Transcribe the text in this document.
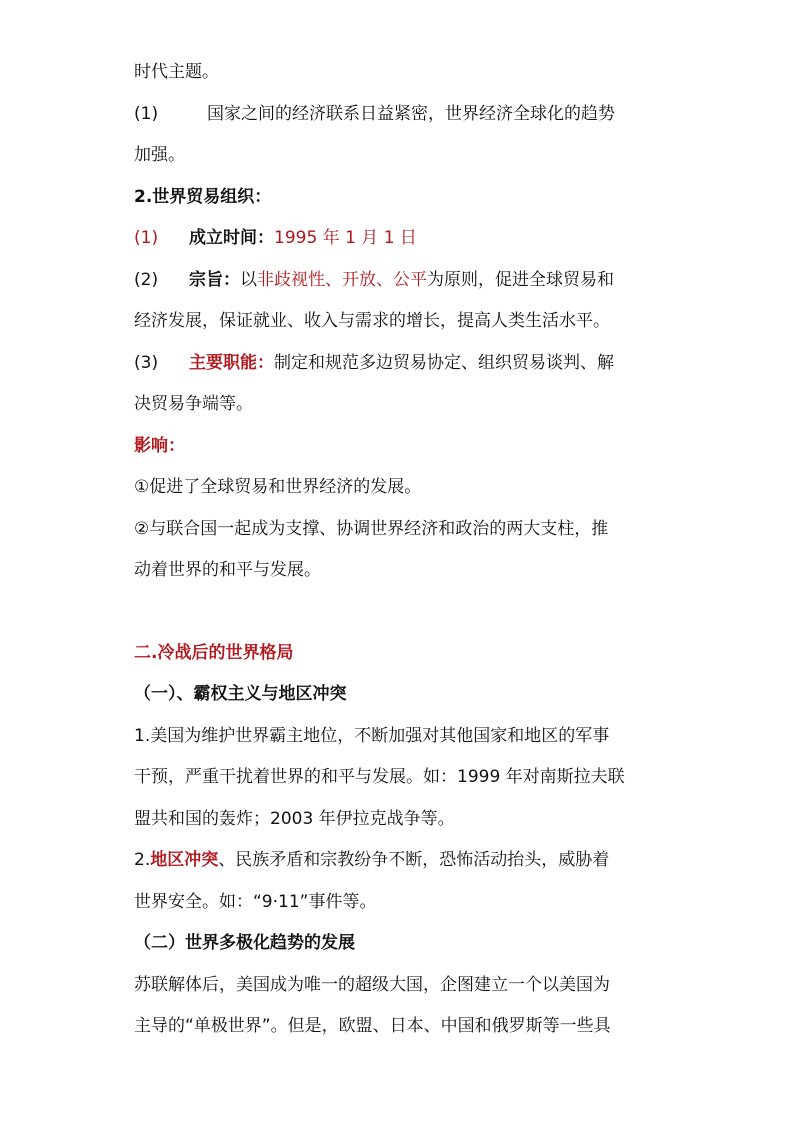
时代主题。

(1)	国家之间的经济联系日益紧密，世界经济全球化的趋势

加强。

2.世界贸易组织：

(1) 成立时间：1995 年 1 月 1 日

(2) 宗旨：以非歧视性、开放、公平为原则，促进全球贸易和

经济发展，保证就业、收入与需求的增长，提高人类生活水平。

(3) 主要职能：制定和规范多边贸易协定、组织贸易谈判、解

决贸易争端等。

影响：

①促进了全球贸易和世界经济的发展。

②与联合国一起成为支撑、协调世界经济和政治的两大支柱，推

动着世界的和平与发展。

二.冷战后的世界格局

（一）、霸权主义与地区冲突

1.美国为维护世界霸主地位，不断加强对其他国家和地区的军事

干预，严重干扰着世界的和平与发展。如：1999 年对南斯拉夫联

盟共和国的轰炸；2003 年伊拉克战争等。

2.地区冲突、民族矛盾和宗教纷争不断，恐怖活动抬头，威胁着

世界安全。如：“9·11”事件等。

（二）世界多极化趋势的发展

苏联解体后，美国成为唯一的超级大国，企图建立一个以美国为

主导的“单极世界”。但是，欧盟、日本、中国和俄罗斯等一些具
